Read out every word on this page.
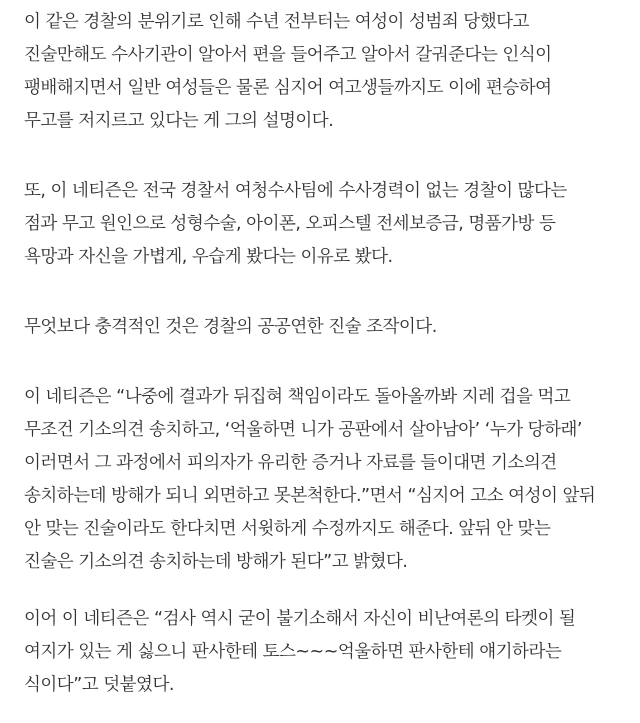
이 같은 경찰의 분위기로 인해 수년 전부터는 여성이 성범죄 당했다고
진술만해도 수사기관이 알아서 편을 들어주고 알아서 갈궈준다는 인식이
팽배해지면서 일반 여성들은 물론 심지어 여고생들까지도 이에 편승하여
무고를 저지르고 있다는 게 그의 설명이다.
또, 이 네티즌은 전국 경찰서 여청수사팀에 수사경력이 없는 경찰이 많다는
점과 무고 원인으로 성형수술, 아이폰, 오피스텔 전세보증금, 명품가방 등
욕망과 자신을 가볍게, 우습게 봤다는 이유로 봤다.
무엇보다 충격적인 것은 경찰의 공공연한 진술 조작이다.
이 네티즌은 “나중에 결과가 뒤집혀 책임이라도 돌아올까봐 지레 겁을 먹고
무조건 기소의견 송치하고, ‘억울하면 니가 공판에서 살아남아’ ‘누가 당하래’
이러면서 그 과정에서 피의자가 유리한 증거나 자료를 들이대면 기소의견
송치하는데 방해가 되니 외면하고 못본척한다.”면서 “심지어 고소 여성이 앞뒤
안 맞는 진술이라도 한다치면 서윗하게 수정까지도 해준다. 앞뒤 안 맞는
진술은 기소의견 송치하는데 방해가 된다”고 밝혔다.
이어 이 네티즌은 “검사 역시 굳이 불기소해서 자신이 비난여론의 타켓이 될
여지가 있는 게 싫으니 판사한테 토스~~~억울하면 판사한테 얘기하라는
식이다”고 덧붙였다.
